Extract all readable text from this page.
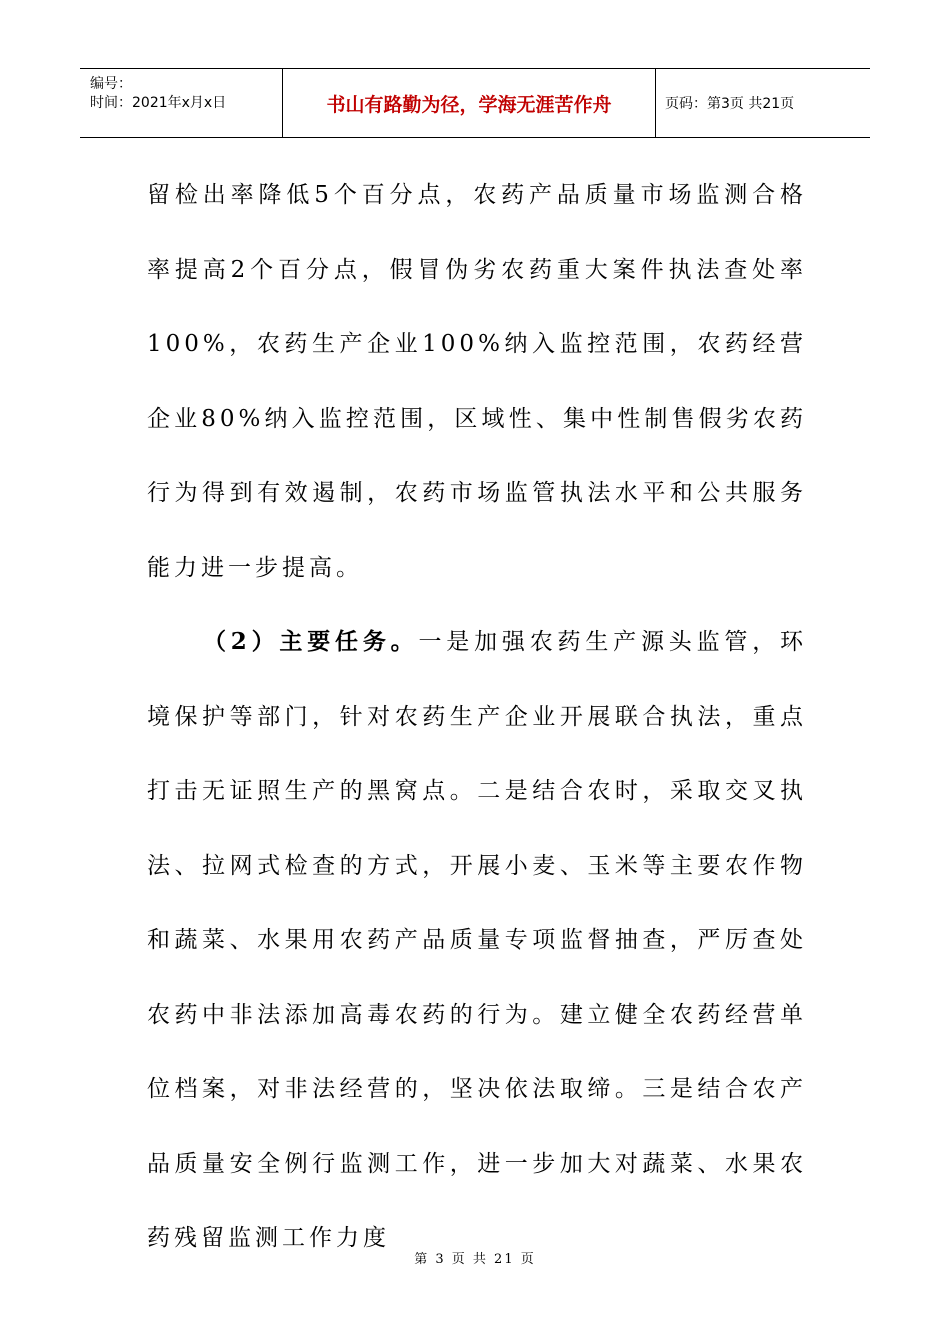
编号：
时间：2021年x月x日	书山有路勤为径，学海无涯苦作舟	页码：第3页 共21页

留检出率降低5个百分点，农药产品质量市场监测合格率提高2个百分点，假冒伪劣农药重大案件执法查处率100%，农药生产企业100%纳入监控范围，农药经营企业80%纳入监控范围，区域性、集中性制售假劣农药行为得到有效遏制，农药市场监管执法水平和公共服务能力进一步提高。

（2）主要任务。一是加强农药生产源头监管，环境保护等部门，针对农药生产企业开展联合执法，重点打击无证照生产的黑窝点。二是结合农时，采取交叉执法、拉网式检查的方式，开展小麦、玉米等主要农作物和蔬菜、水果用农药产品质量专项监督抽查，严厉查处农药中非法添加高毒农药的行为。建立健全农药经营单位档案，对非法经营的，坚决依法取缔。三是结合农产品质量安全例行监测工作，进一步加大对蔬菜、水果农药残留监测工作力度

第 3 页 共 21 页
